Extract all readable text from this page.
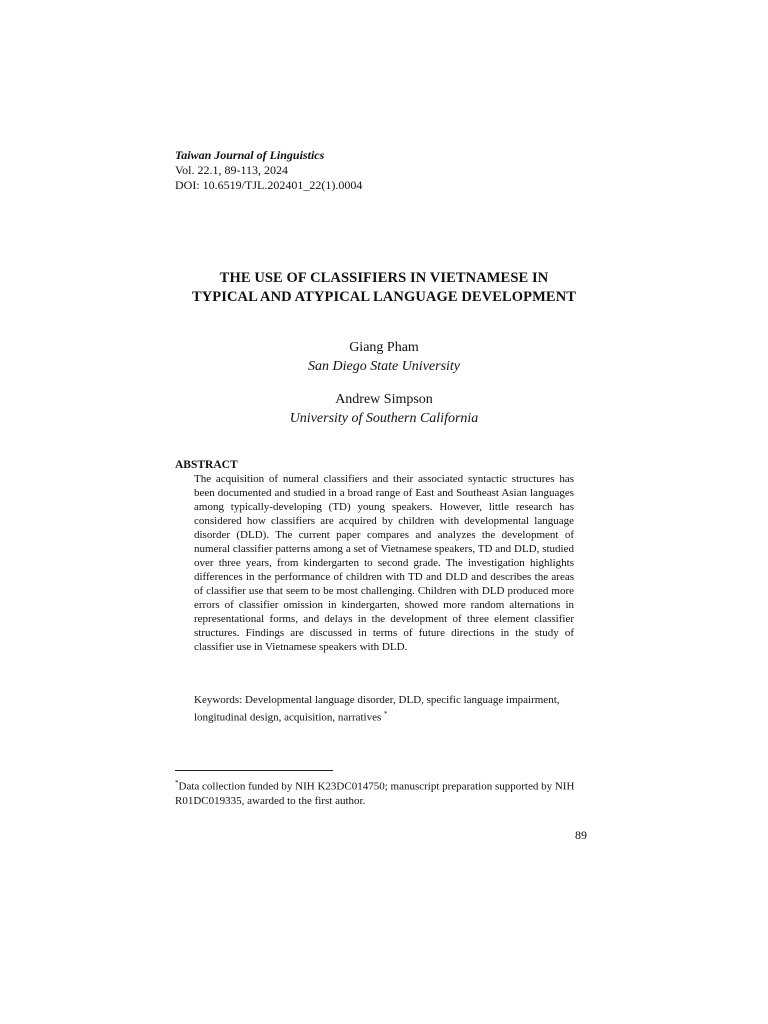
Taiwan Journal of Linguistics
Vol. 22.1, 89-113, 2024
DOI: 10.6519/TJL.202401_22(1).0004
THE USE OF CLASSIFIERS IN VIETNAMESE IN
TYPICAL AND ATYPICAL LANGUAGE DEVELOPMENT
Giang Pham
San Diego State University
Andrew Simpson
University of Southern California
ABSTRACT
The acquisition of numeral classifiers and their associated syntactic structures has been documented and studied in a broad range of East and Southeast Asian languages among typically-developing (TD) young speakers. However, little research has considered how classifiers are acquired by children with developmental language disorder (DLD). The current paper compares and analyzes the development of numeral classifier patterns among a set of Vietnamese speakers, TD and DLD, studied over three years, from kindergarten to second grade. The investigation highlights differences in the performance of children with TD and DLD and describes the areas of classifier use that seem to be most challenging. Children with DLD produced more errors of classifier omission in kindergarten, showed more random alternations in representational forms, and delays in the development of three element classifier structures. Findings are discussed in terms of future directions in the study of classifier use in Vietnamese speakers with DLD.
Keywords: Developmental language disorder, DLD, specific language impairment, longitudinal design, acquisition, narratives *
*Data collection funded by NIH K23DC014750; manuscript preparation supported by NIH R01DC019335, awarded to the first author.
89
